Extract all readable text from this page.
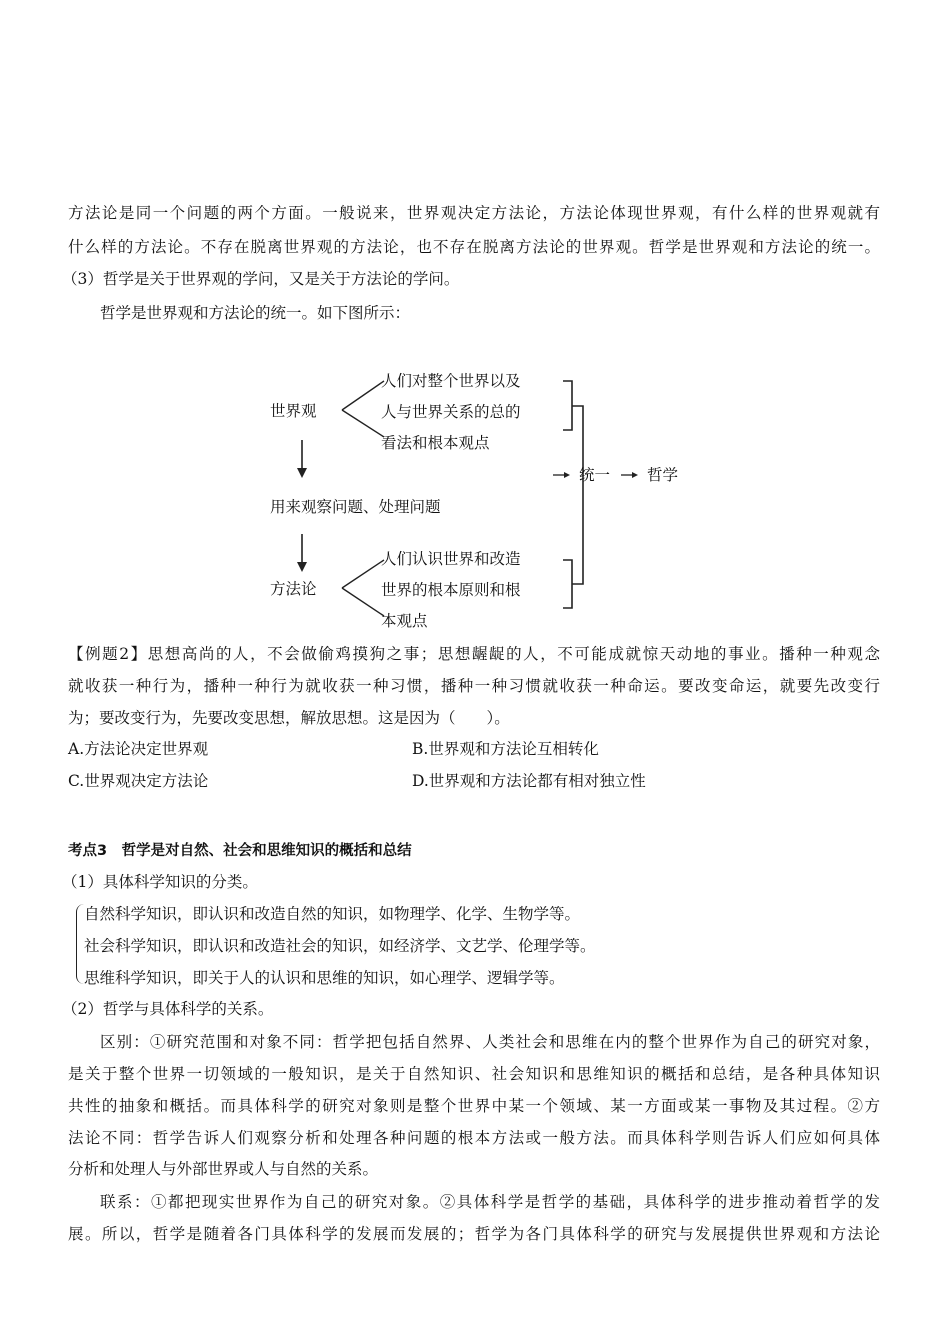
方法论是同一个问题的两个方面。一般说来，世界观决定方法论，方法论体现世界观，有什么样的世界观就有
什么样的方法论。不存在脱离世界观的方法论，也不存在脱离方法论的世界观。哲学是世界观和方法论的统一。
（3）哲学是关于世界观的学问，又是关于方法论的学问。
哲学是世界观和方法论的统一。如下图所示：
世界观
人们对整个世界以及
人与世界关系的总的
看法和根本观点
用来观察问题、处理问题
方法论
人们认识世界和改造
世界的根本原则和根
本观点
统一 哲学
【例题2】思想高尚的人，不会做偷鸡摸狗之事；思想龌龊的人，不可能成就惊天动地的事业。播种一种观念
就收获一种行为，播种一种行为就收获一种习惯，播种一种习惯就收获一种命运。要改变命运，就要先改变行
为；要改变行为，先要改变思想，解放思想。这是因为（　　）。
A.方法论决定世界观	B.世界观和方法论互相转化
C.世界观决定方法论	D.世界观和方法论都有相对独立性
考点3　哲学是对自然、社会和思维知识的概括和总结
（1）具体科学知识的分类。
自然科学知识，即认识和改造自然的知识，如物理学、化学、生物学等。
社会科学知识，即认识和改造社会的知识，如经济学、文艺学、伦理学等。
思维科学知识，即关于人的认识和思维的知识，如心理学、逻辑学等。
（2）哲学与具体科学的关系。
区别：①研究范围和对象不同：哲学把包括自然界、人类社会和思维在内的整个世界作为自己的研究对象，
是关于整个世界一切领域的一般知识，是关于自然知识、社会知识和思维知识的概括和总结，是各种具体知识
共性的抽象和概括。而具体科学的研究对象则是整个世界中某一个领域、某一方面或某一事物及其过程。②方
法论不同：哲学告诉人们观察分析和处理各种问题的根本方法或一般方法。而具体科学则告诉人们应如何具体
分析和处理人与外部世界或人与自然的关系。
联系：①都把现实世界作为自己的研究对象。②具体科学是哲学的基础，具体科学的进步推动着哲学的发
展。所以，哲学是随着各门具体科学的发展而发展的；哲学为各门具体科学的研究与发展提供世界观和方法论
